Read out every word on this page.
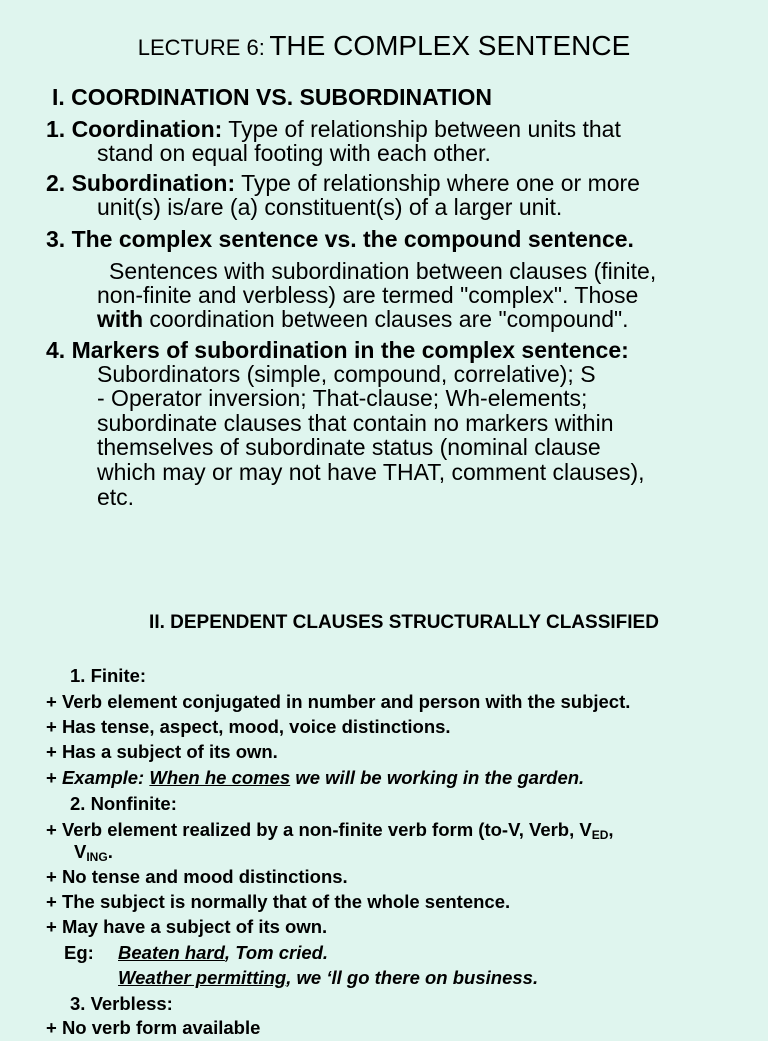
LECTURE 6: THE COMPLEX SENTENCE
I. COORDINATION VS. SUBORDINATION
1. Coordination: Type of relationship between units that
stand on equal footing with each other.
2. Subordination: Type of relationship where one or more
unit(s) is/are (a) constituent(s) of a larger unit.
3. The complex sentence vs. the compound sentence.
Sentences with subordination between clauses (finite,
non-finite and verbless) are termed "complex". Those
with coordination between clauses are "compound".
4. Markers of subordination in the complex sentence:
Subordinators (simple, compound, correlative); S
- Operator inversion; That-clause; Wh-elements;
subordinate clauses that contain no markers within
themselves of subordinate status (nominal clause
which may or may not have THAT, comment clauses),
etc.
II. DEPENDENT CLAUSES STRUCTURALLY CLASSIFIED
1. Finite:
+ Verb element conjugated in number and person with the subject.
+ Has tense, aspect, mood, voice distinctions.
+ Has a subject of its own.
+ Example: When he comes we will be working in the garden.
2. Nonfinite:
+ Verb element realized by a non-finite verb form (to-V, Verb, $V_{ED}$,
$V_{ING}$.
+ No tense and mood distinctions.
+ The subject is normally that of the whole sentence.
+ May have a subject of its own.
Eg: Beaten hard, Tom cried.
Weather permitting, we ‘ll go there on business.
3. Verbless:
+ No verb form available
